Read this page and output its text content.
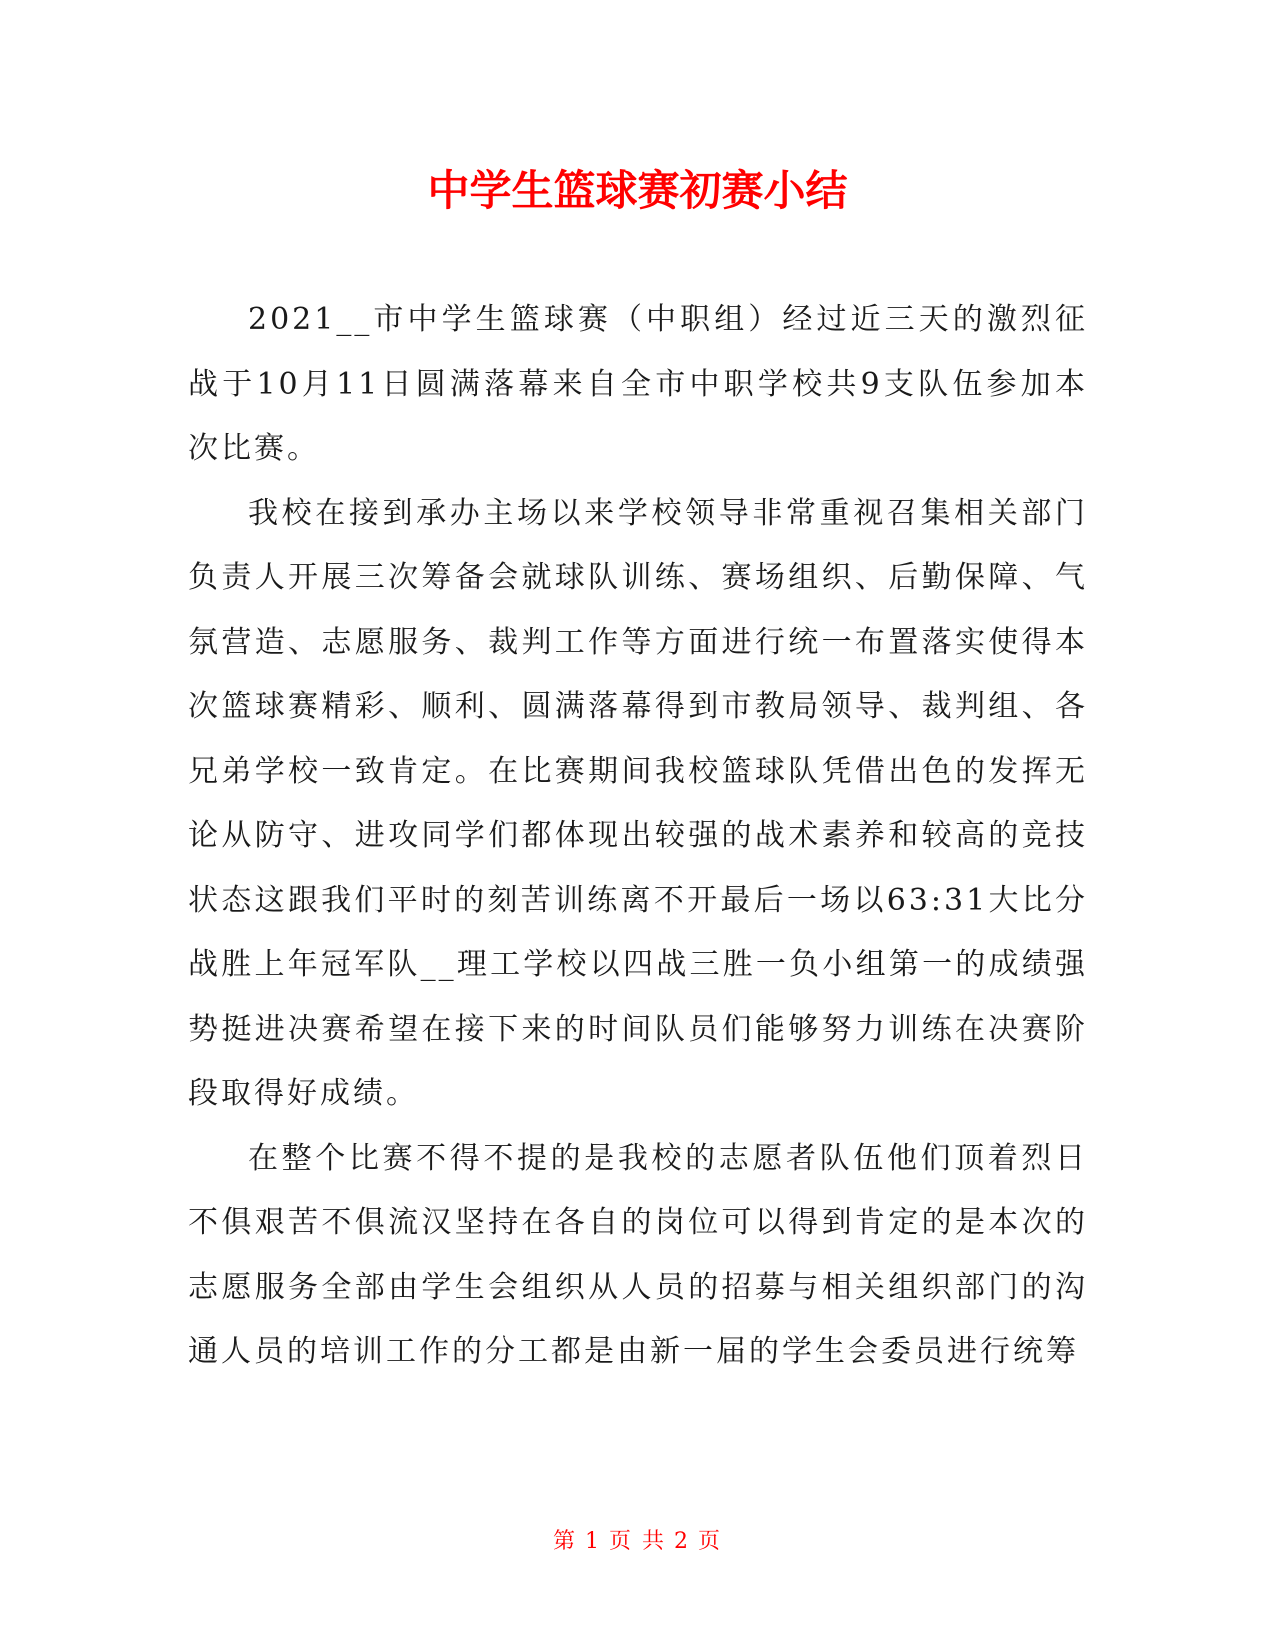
中学生篮球赛初赛小结

2021__市中学生篮球赛（中职组）经过近三天的激烈征战于10月11日圆满落幕来自全市中职学校共9支队伍参加本次比赛。

我校在接到承办主场以来学校领导非常重视召集相关部门负责人开展三次筹备会就球队训练、赛场组织、后勤保障、气氛营造、志愿服务、裁判工作等方面进行统一布置落实使得本次篮球赛精彩、顺利、圆满落幕得到市教局领导、裁判组、各兄弟学校一致肯定。在比赛期间我校篮球队凭借出色的发挥无论从防守、进攻同学们都体现出较强的战术素养和较高的竞技状态这跟我们平时的刻苦训练离不开最后一场以63:31大比分战胜上年冠军队__理工学校以四战三胜一负小组第一的成绩强势挺进决赛希望在接下来的时间队员们能够努力训练在决赛阶段取得好成绩。

在整个比赛不得不提的是我校的志愿者队伍他们顶着烈日不俱艰苦不俱流汉坚持在各自的岗位可以得到肯定的是本次的志愿服务全部由学生会组织从人员的招募与相关组织部门的沟通人员的培训工作的分工都是由新一届的学生会委员进行统筹

第 1 页 共 2 页
